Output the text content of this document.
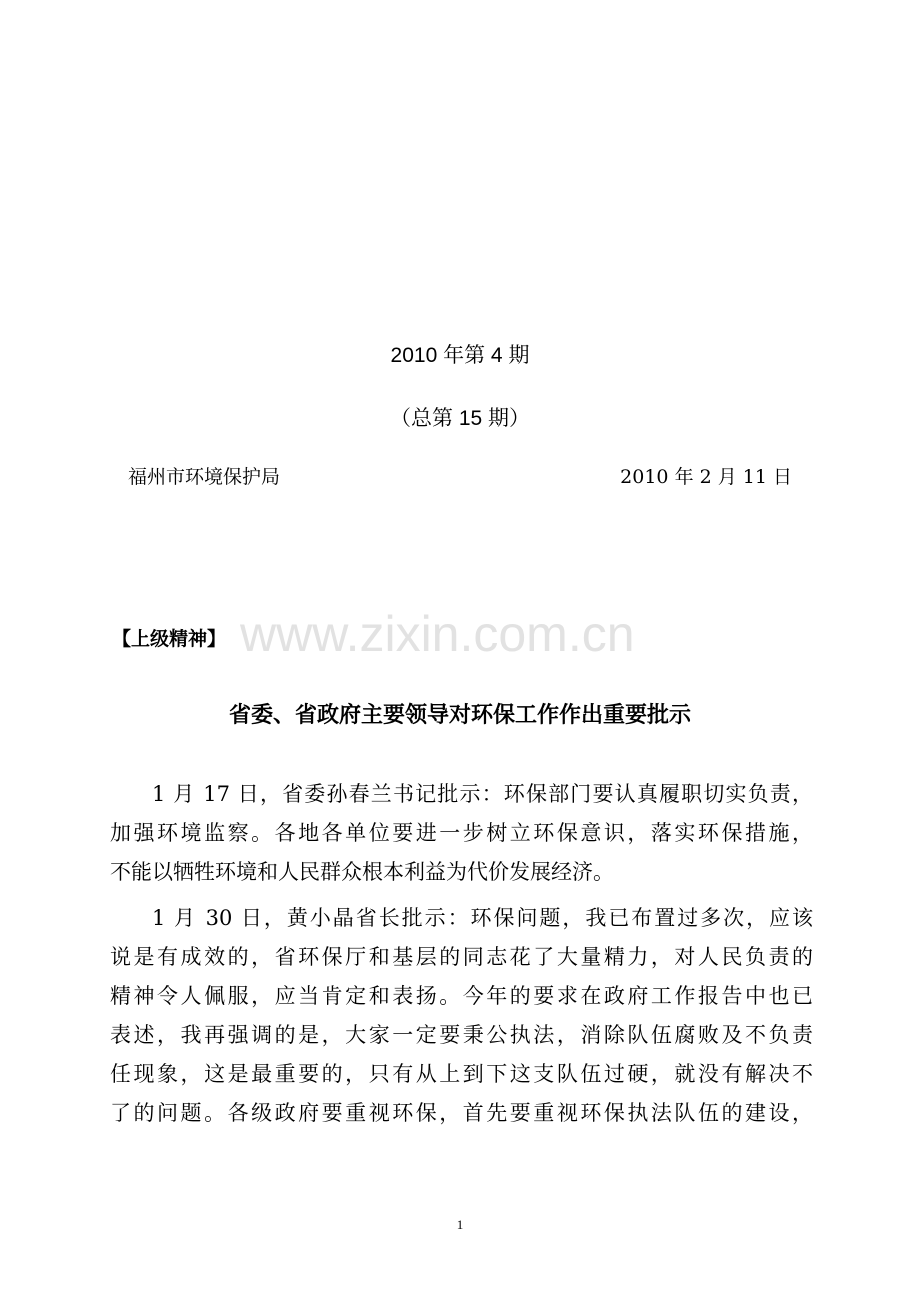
2010 年第 4 期
（总第 15 期）
福州市环境保护局	2010 年 2 月 11 日
www.zixin.com.cn
【上级精神】
省委、省政府主要领导对环保工作作出重要批示
1 月 17 日，省委孙春兰书记批示：环保部门要认真履职切实负责，
加强环境监察。各地各单位要进一步树立环保意识，落实环保措施，
不能以牺牲环境和人民群众根本利益为代价发展经济。
1 月 30 日，黄小晶省长批示：环保问题，我已布置过多次，应该
说是有成效的，省环保厅和基层的同志花了大量精力，对人民负责的
精神令人佩服，应当肯定和表扬。今年的要求在政府工作报告中也已
表述，我再强调的是，大家一定要秉公执法，消除队伍腐败及不负责
任现象，这是最重要的，只有从上到下这支队伍过硬，就没有解决不
了的问题。各级政府要重视环保，首先要重视环保执法队伍的建设，
1
